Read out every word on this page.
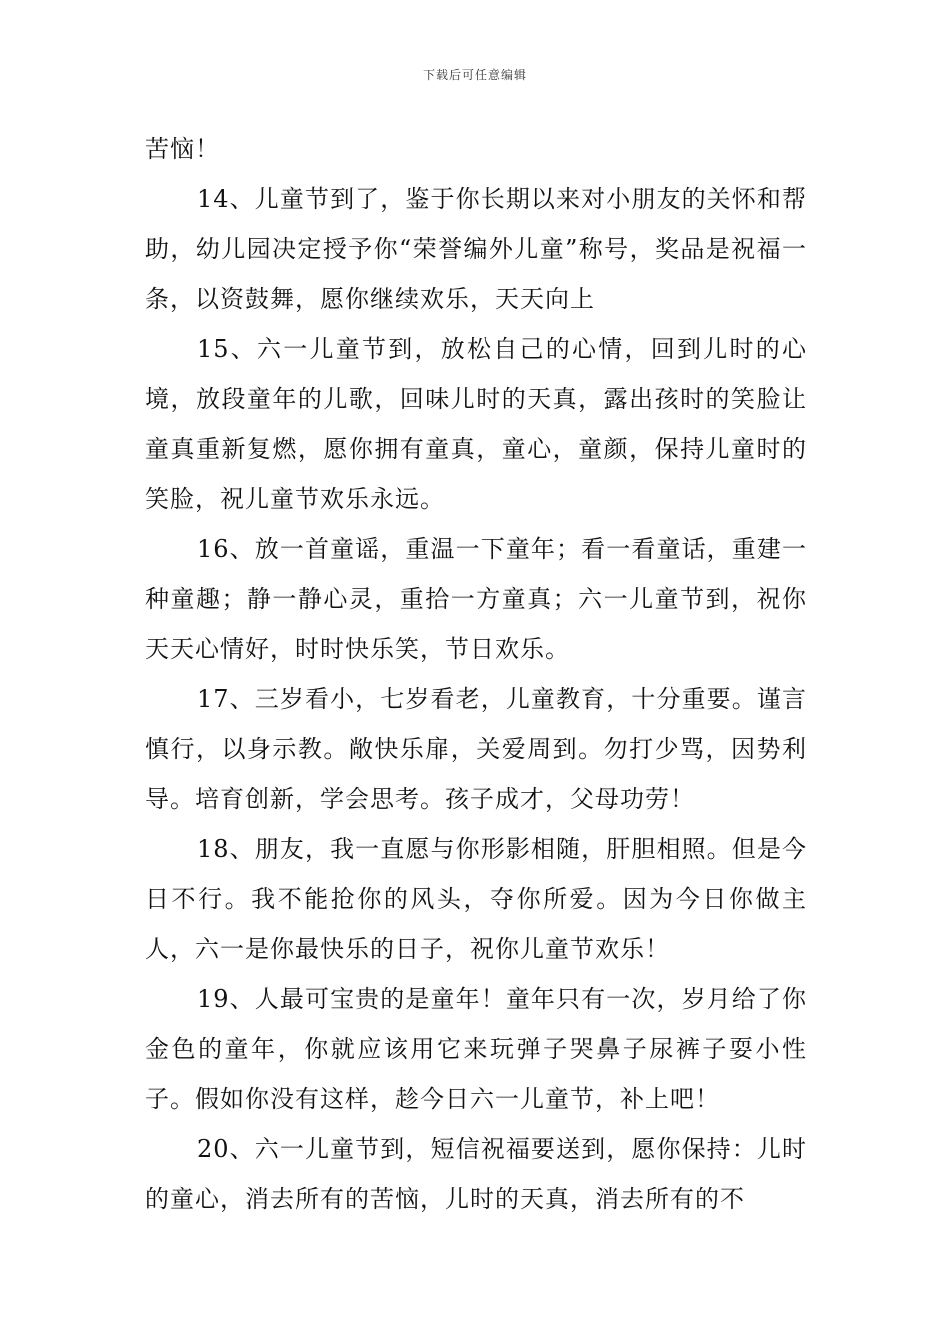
下载后可任意编辑

苦恼！

14、儿童节到了，鉴于你长期以来对小朋友的关怀和帮助，幼儿园决定授予你“荣誉编外儿童”称号，奖品是祝福一条，以资鼓舞，愿你继续欢乐，天天向上

15、六一儿童节到，放松自己的心情，回到儿时的心境，放段童年的儿歌，回味儿时的天真，露出孩时的笑脸让童真重新复燃，愿你拥有童真，童心，童颜，保持儿童时的笑脸，祝儿童节欢乐永远。

16、放一首童谣，重温一下童年；看一看童话，重建一种童趣；静一静心灵，重拾一方童真；六一儿童节到，祝你天天心情好，时时快乐笑，节日欢乐。

17、三岁看小，七岁看老，儿童教育，十分重要。谨言慎行，以身示教。敞快乐扉，关爱周到。勿打少骂，因势利导。培育创新，学会思考。孩子成才，父母功劳！

18、朋友，我一直愿与你形影相随，肝胆相照。但是今日不行。我不能抢你的风头，夺你所爱。因为今日你做主人，六一是你最快乐的日子，祝你儿童节欢乐！

19、人最可宝贵的是童年！童年只有一次，岁月给了你金色的童年，你就应该用它来玩弹子哭鼻子尿裤子耍小性子。假如你没有这样，趁今日六一儿童节，补上吧！

20、六一儿童节到，短信祝福要送到，愿你保持：儿时的童心，消去所有的苦恼，儿时的天真，消去所有的不
